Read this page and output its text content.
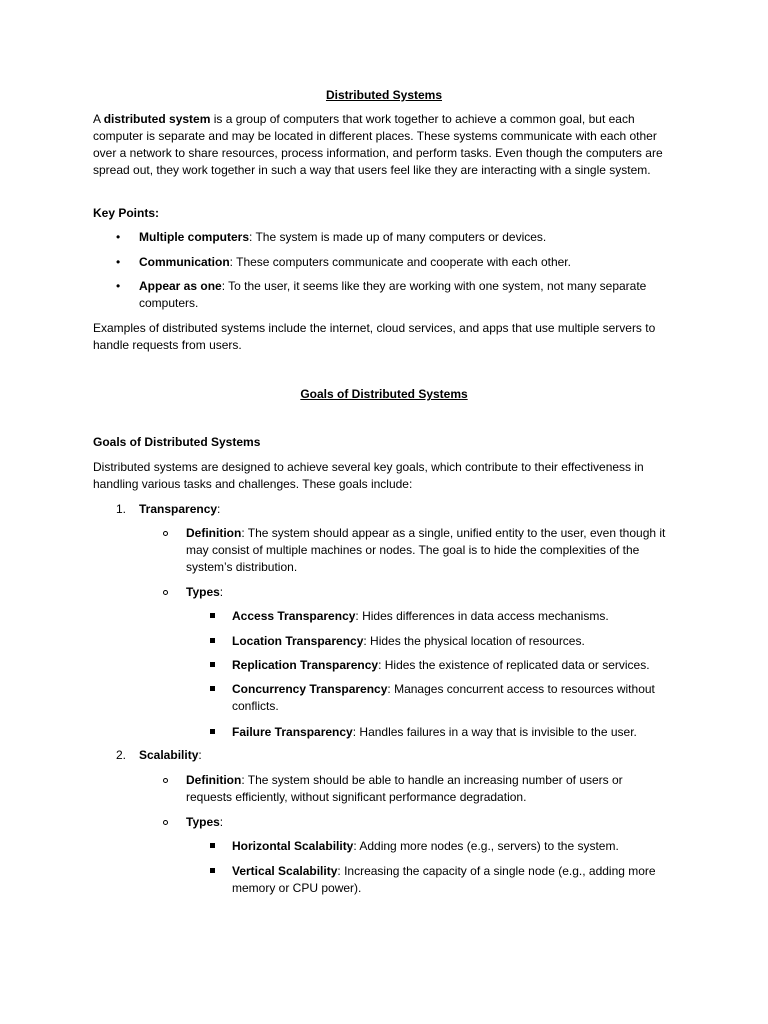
Distributed Systems

A distributed system is a group of computers that work together to achieve a common goal, but each computer is separate and may be located in different places. These systems communicate with each other over a network to share resources, process information, and perform tasks. Even though the computers are spread out, they work together in such a way that users feel like they are interacting with a single system.

Key Points:

• Multiple computers: The system is made up of many computers or devices.

• Communication: These computers communicate and cooperate with each other.

• Appear as one: To the user, it seems like they are working with one system, not many separate computers.

Examples of distributed systems include the internet, cloud services, and apps that use multiple servers to handle requests from users.

Goals of Distributed Systems

Goals of Distributed Systems

Distributed systems are designed to achieve several key goals, which contribute to their effectiveness in handling various tasks and challenges. These goals include:

1. Transparency:

Definition: The system should appear as a single, unified entity to the user, even though it may consist of multiple machines or nodes. The goal is to hide the complexities of the system’s distribution.

Types:

Access Transparency: Hides differences in data access mechanisms.

Location Transparency: Hides the physical location of resources.

Replication Transparency: Hides the existence of replicated data or services.

Concurrency Transparency: Manages concurrent access to resources without conflicts.

Failure Transparency: Handles failures in a way that is invisible to the user.

2. Scalability:

Definition: The system should be able to handle an increasing number of users or requests efficiently, without significant performance degradation.

Types:

Horizontal Scalability: Adding more nodes (e.g., servers) to the system.

Vertical Scalability: Increasing the capacity of a single node (e.g., adding more memory or CPU power).
